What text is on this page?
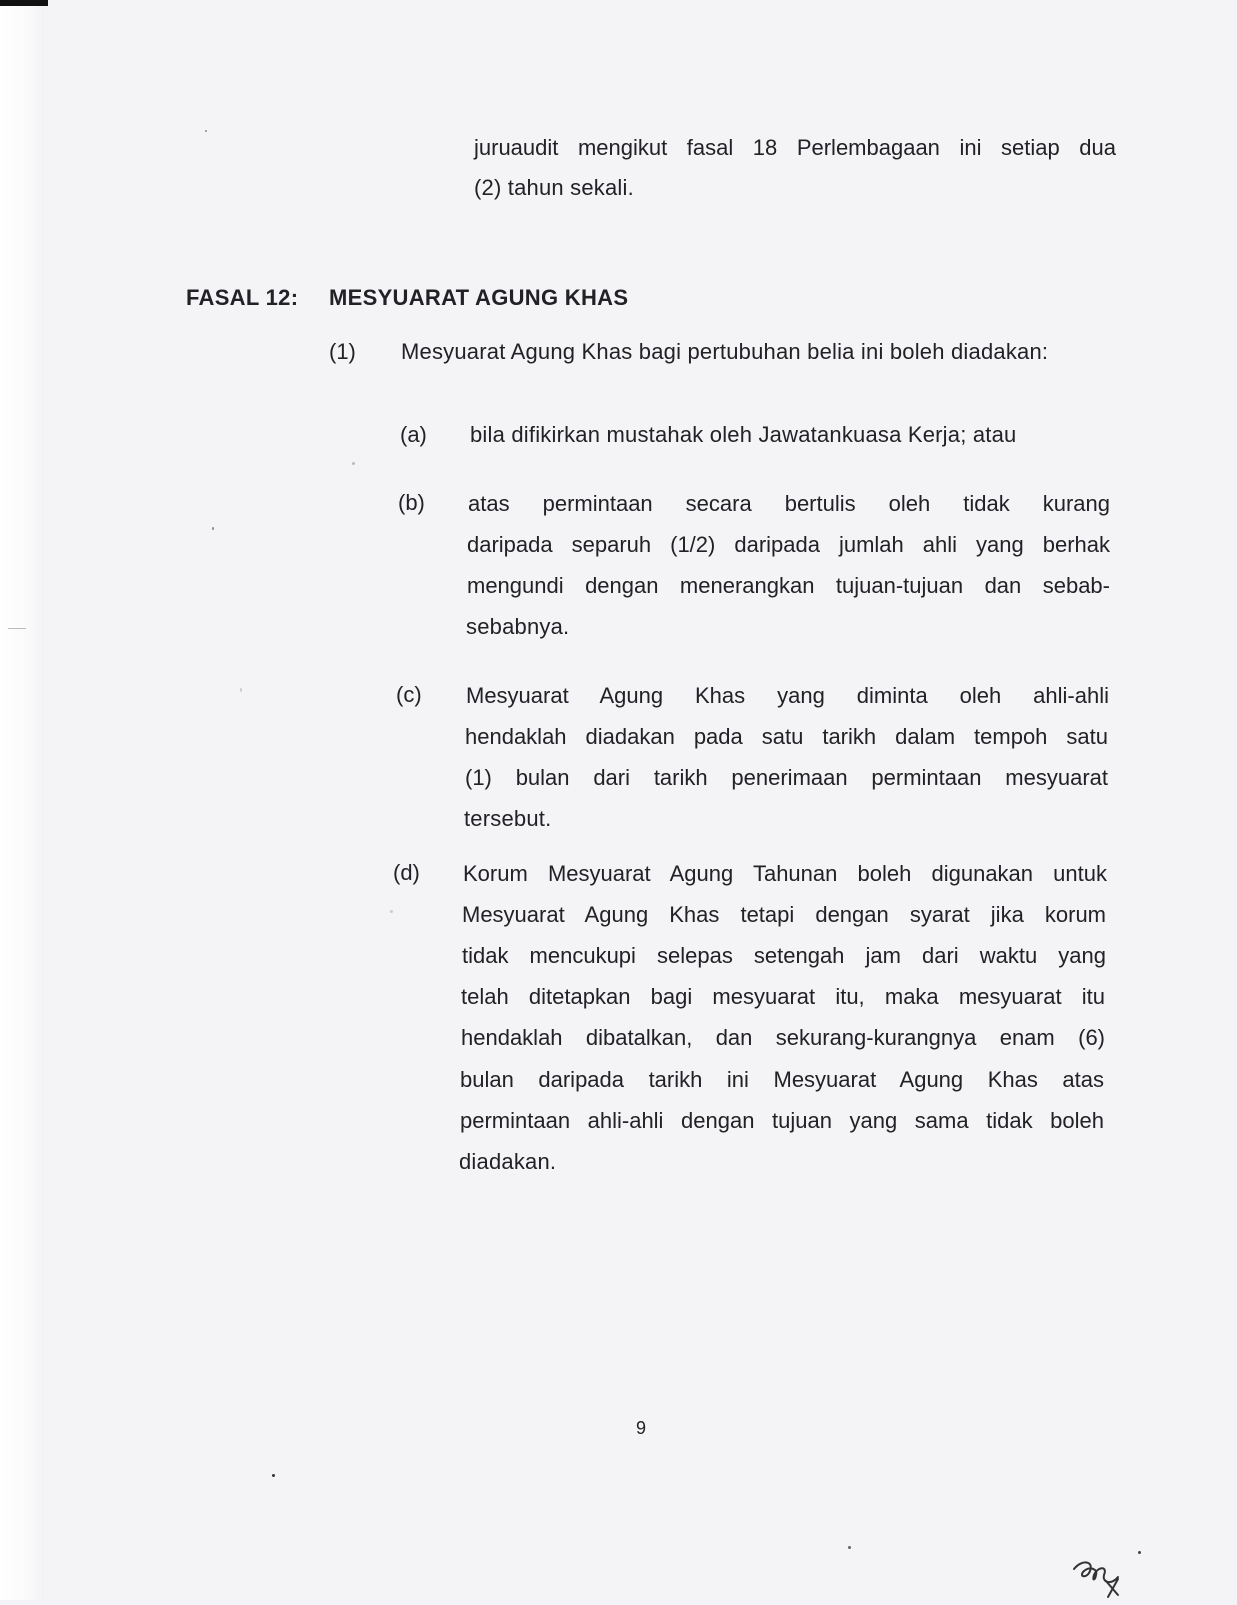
juruaudit mengikut fasal 18 Perlembagaan ini setiap dua
(2) tahun sekali.
FASAL 12: MESYUARAT AGUNG KHAS
(1) Mesyuarat Agung Khas bagi pertubuhan belia ini boleh diadakan:
(a) bila difikirkan mustahak oleh Jawatankuasa Kerja; atau
(b) atas permintaan secara bertulis oleh tidak kurang
daripada separuh (1/2) daripada jumlah ahli yang berhak
mengundi dengan menerangkan tujuan-tujuan dan sebab-
sebabnya.
(c) Mesyuarat Agung Khas yang diminta oleh ahli-ahli
hendaklah diadakan pada satu tarikh dalam tempoh satu
(1) bulan dari tarikh penerimaan permintaan mesyuarat
tersebut.
(d) Korum Mesyuarat Agung Tahunan boleh digunakan untuk
Mesyuarat Agung Khas tetapi dengan syarat jika korum
tidak mencukupi selepas setengah jam dari waktu yang
telah ditetapkan bagi mesyuarat itu, maka mesyuarat itu
hendaklah dibatalkan, dan sekurang-kurangnya enam (6)
bulan daripada tarikh ini Mesyuarat Agung Khas atas
permintaan ahli-ahli dengan tujuan yang sama tidak boleh
diadakan.
9
